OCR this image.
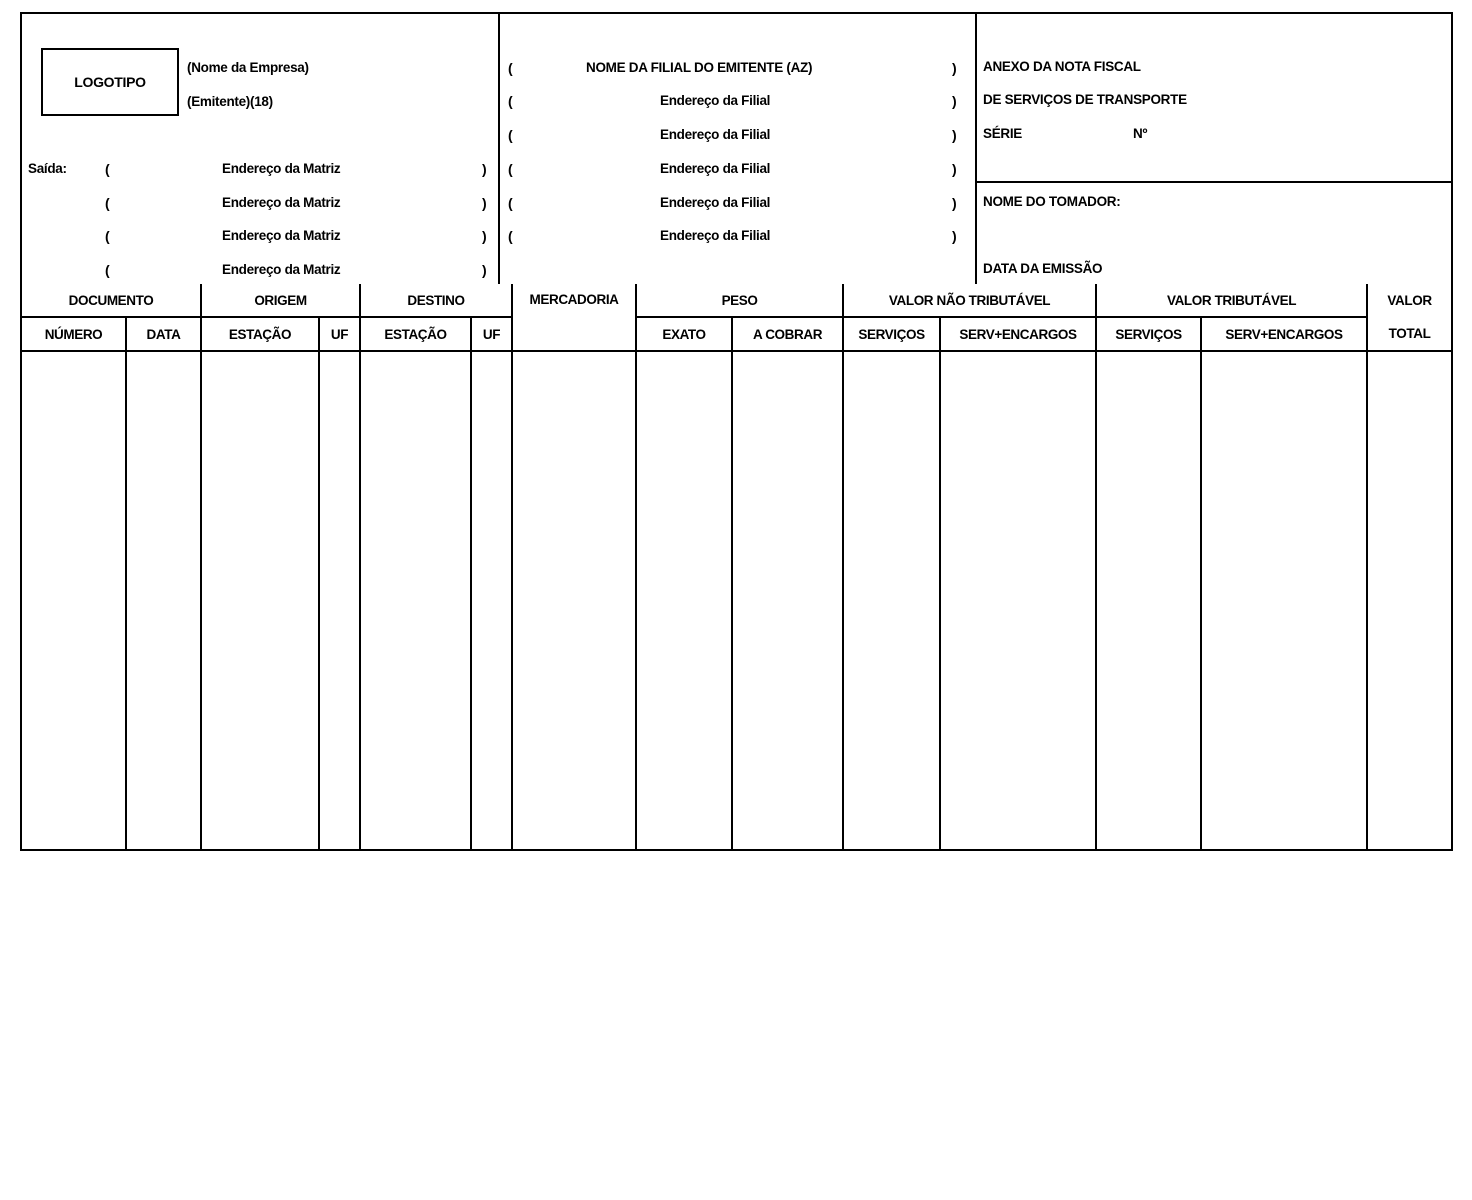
LOGOTIPO
(Nome da Empresa)
(Emitente)(18)
Saída:	(	Endereço da Matriz	)
(	Endereço da Matriz	)
(	Endereço da Matriz	)
(	Endereço da Matriz	)
(	NOME DA FILIAL DO EMITENTE (AZ)	)
(	Endereço da Filial	)
(	Endereço da Filial	)
(	Endereço da Filial	)
(	Endereço da Filial	)
(	Endereço da Filial	)
ANEXO DA NOTA FISCAL
DE SERVIÇOS DE TRANSPORTE
SÉRIE	Nº
NOME DO TOMADOR:
DATA DA EMISSÃO
DOCUMENTO		ORIGEM		DESTINO		MERCADORIA	PESO		VALOR NÃO TRIBUTÁVEL		VALOR TRIBUTÁVEL		VALOR
NÚMERO	DATA	ESTAÇÃO	UF	ESTAÇÃO	UF		EXATO	A COBRAR	SERVIÇOS	SERV+ENCARGOS	SERVIÇOS	SERV+ENCARGOS	TOTAL
